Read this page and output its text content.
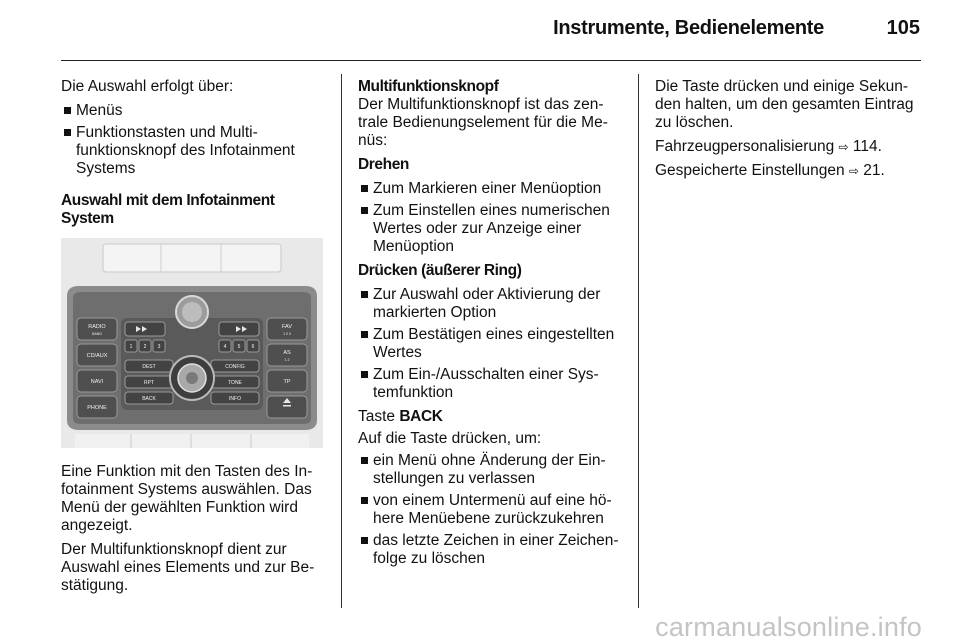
Instrumente, Bedienelemente	105

Die Auswahl erfolgt über:

Menüs
Funktionstasten und Multifunktionsknopf des Infotainment Systems

Auswahl mit dem Infotainment System

RADIO
BAND
CD/AUX
NAVI
PHONE
FAV
1 2 3
AS
1 2
TP
DEST	CONFIG
RPT	TONE
BACK	INFO
1 2 3	4 5 6

Eine Funktion mit den Tasten des Infotainment Systems auswählen. Das Menü der gewählten Funktion wird angezeigt.

Der Multifunktionsknopf dient zur Auswahl eines Elements und zur Bestätigung.

Multifunktionsknopf

Der Multifunktionsknopf ist das zentrale Bedienungselement für die Menüs:

Drehen

Zum Markieren einer Menüoption
Zum Einstellen eines numerischen Wertes oder zur Anzeige einer Menüoption

Drücken (äußerer Ring)

Zur Auswahl oder Aktivierung der markierten Option
Zum Bestätigen eines eingestellten Wertes
Zum Ein-/Ausschalten einer Systemfunktion

Taste BACK

Auf die Taste drücken, um:

ein Menü ohne Änderung der Einstellungen zu verlassen
von einem Untermenü auf eine höhere Menüebene zurückzukehren
das letzte Zeichen in einer Zeichenfolge zu löschen

Die Taste drücken und einige Sekunden halten, um den gesamten Eintrag zu löschen.

Fahrzeugpersonalisierung ⇨ 114.

Gespeicherte Einstellungen ⇨ 21.

carmanualsonline.info
